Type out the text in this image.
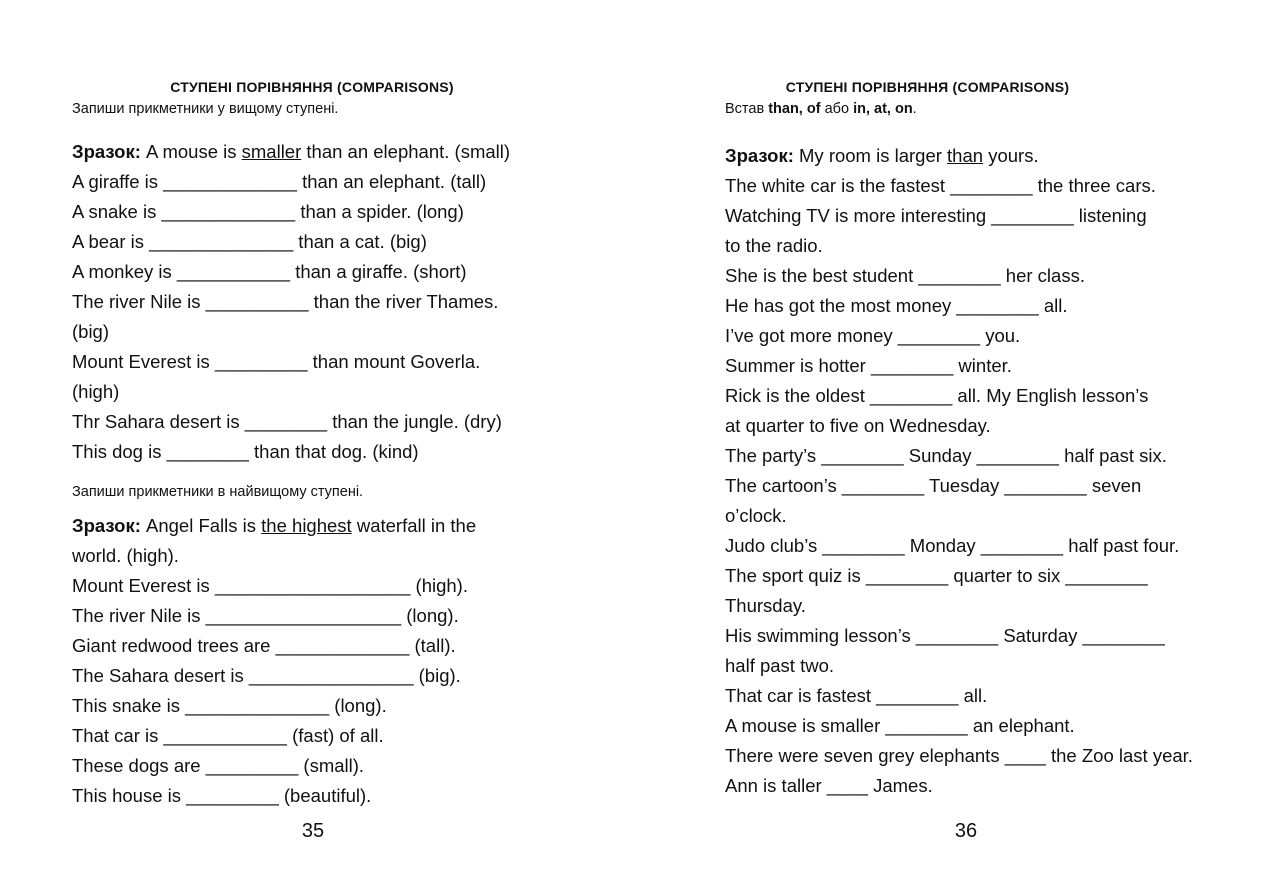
СТУПЕНІ ПОРІВНЯННЯ (COMPARISONS)
Запиши прикметники у вищому ступені.
Зразок: A mouse is smaller than an elephant. (small)
A giraffe is _____________ than an elephant. (tall)
A snake is _____________ than a spider. (long)
A bear is ______________ than a cat. (big)
A monkey is ___________ than a giraffe. (short)
The river Nile is __________ than the river Thames.
(big)
Mount Everest is _________ than mount Goverla.
(high)
Thr Sahara desert is ________ than the jungle. (dry)
This dog is ________ than that dog. (kind)
Запиши прикметники в найвищому ступені.
Зразок: Angel Falls is the highest waterfall in the
world. (high).
Mount Everest is ___________________ (high).
The river Nile is ___________________ (long).
Giant redwood trees are _____________ (tall).
The Sahara desert is ________________ (big).
This snake is ______________ (long).
That car is ____________ (fast) of all.
These dogs are _________ (small).
This house is _________ (beautiful).
35
СТУПЕНІ ПОРІВНЯННЯ (COMPARISONS)
Встав than, of або in, at, on.
Зразок: My room is larger than yours.
The white car is the fastest ________ the three cars.
Watching TV is more interesting ________ listening
to the radio.
She is the best student ________ her class.
He has got the most money ________ all.
I’ve got more money ________ you.
Summer is hotter ________ winter.
Rick is the oldest ________ all. My English lesson’s
at quarter to five on Wednesday.
The party’s ________ Sunday ________ half past six.
The cartoon’s ________ Tuesday ________ seven
o’clock.
Judo club’s ________ Monday ________ half past four.
The sport quiz is ________ quarter to six ________
Thursday.
His swimming lesson’s ________ Saturday ________
half past two.
That car is fastest ________ all.
A mouse is smaller ________ an elephant.
There were seven grey elephants ____ the Zoo last year.
Ann is taller ____ James.
36
